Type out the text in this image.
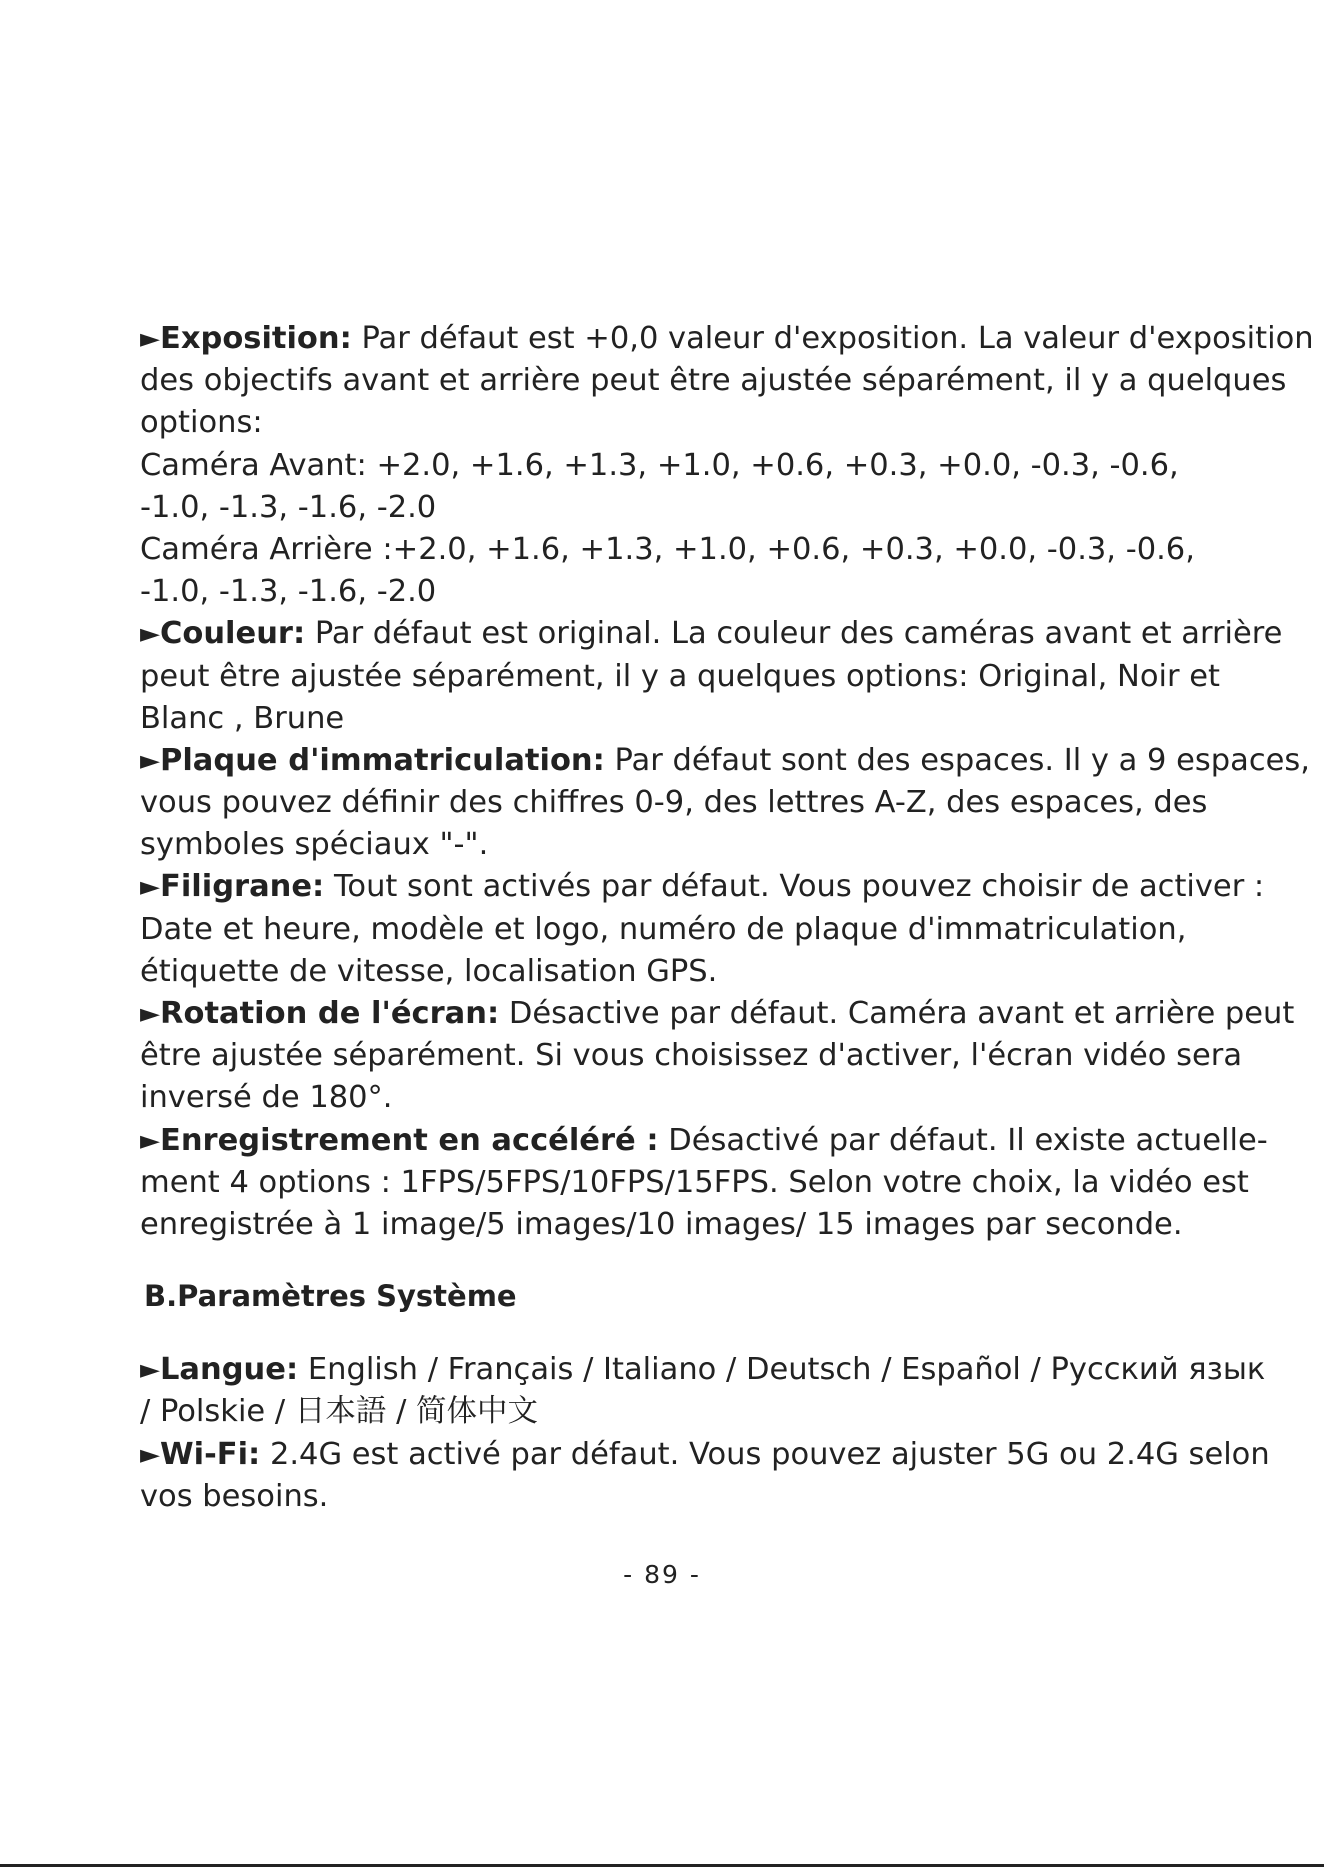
►Exposition: Par défaut est +0,0 valeur d'exposition. La valeur d'exposition
des objectifs avant et arrière peut être ajustée séparément, il y a quelques
options:
Caméra Avant: +2.0, +1.6, +1.3, +1.0, +0.6, +0.3, +0.0, -0.3, -0.6,
-1.0, -1.3, -1.6, -2.0
Caméra Arrière :+2.0, +1.6, +1.3, +1.0, +0.6, +0.3, +0.0, -0.3, -0.6,
-1.0, -1.3, -1.6, -2.0
►Couleur: Par défaut est original. La couleur des caméras avant et arrière
peut être ajustée séparément, il y a quelques options: Original, Noir et
Blanc , Brune
►Plaque d'immatriculation: Par défaut sont des espaces. Il y a 9 espaces,
vous pouvez définir des chiffres 0-9, des lettres A-Z, des espaces, des
symboles spéciaux "-".
►Filigrane: Tout sont activés par défaut. Vous pouvez choisir de activer :
Date et heure, modèle et logo, numéro de plaque d'immatriculation,
étiquette de vitesse, localisation GPS.
►Rotation de l'écran: Désactive par défaut. Caméra avant et arrière peut
être ajustée séparément. Si vous choisissez d'activer, l'écran vidéo sera
inversé de 180°.
►Enregistrement en accéléré : Désactivé par défaut. Il existe actuelle-
ment 4 options : 1FPS/5FPS/10FPS/15FPS. Selon votre choix, la vidéo est
enregistrée à 1 image/5 images/10 images/ 15 images par seconde.
B.Paramètres Système
►Langue: English / Français / Italiano / Deutsch / Español / Русский язык
/ Polskie / 日本語 / 简体中文
►Wi-Fi: 2.4G est activé par défaut. Vous pouvez ajuster 5G ou 2.4G selon
vos besoins.
- 89 -
